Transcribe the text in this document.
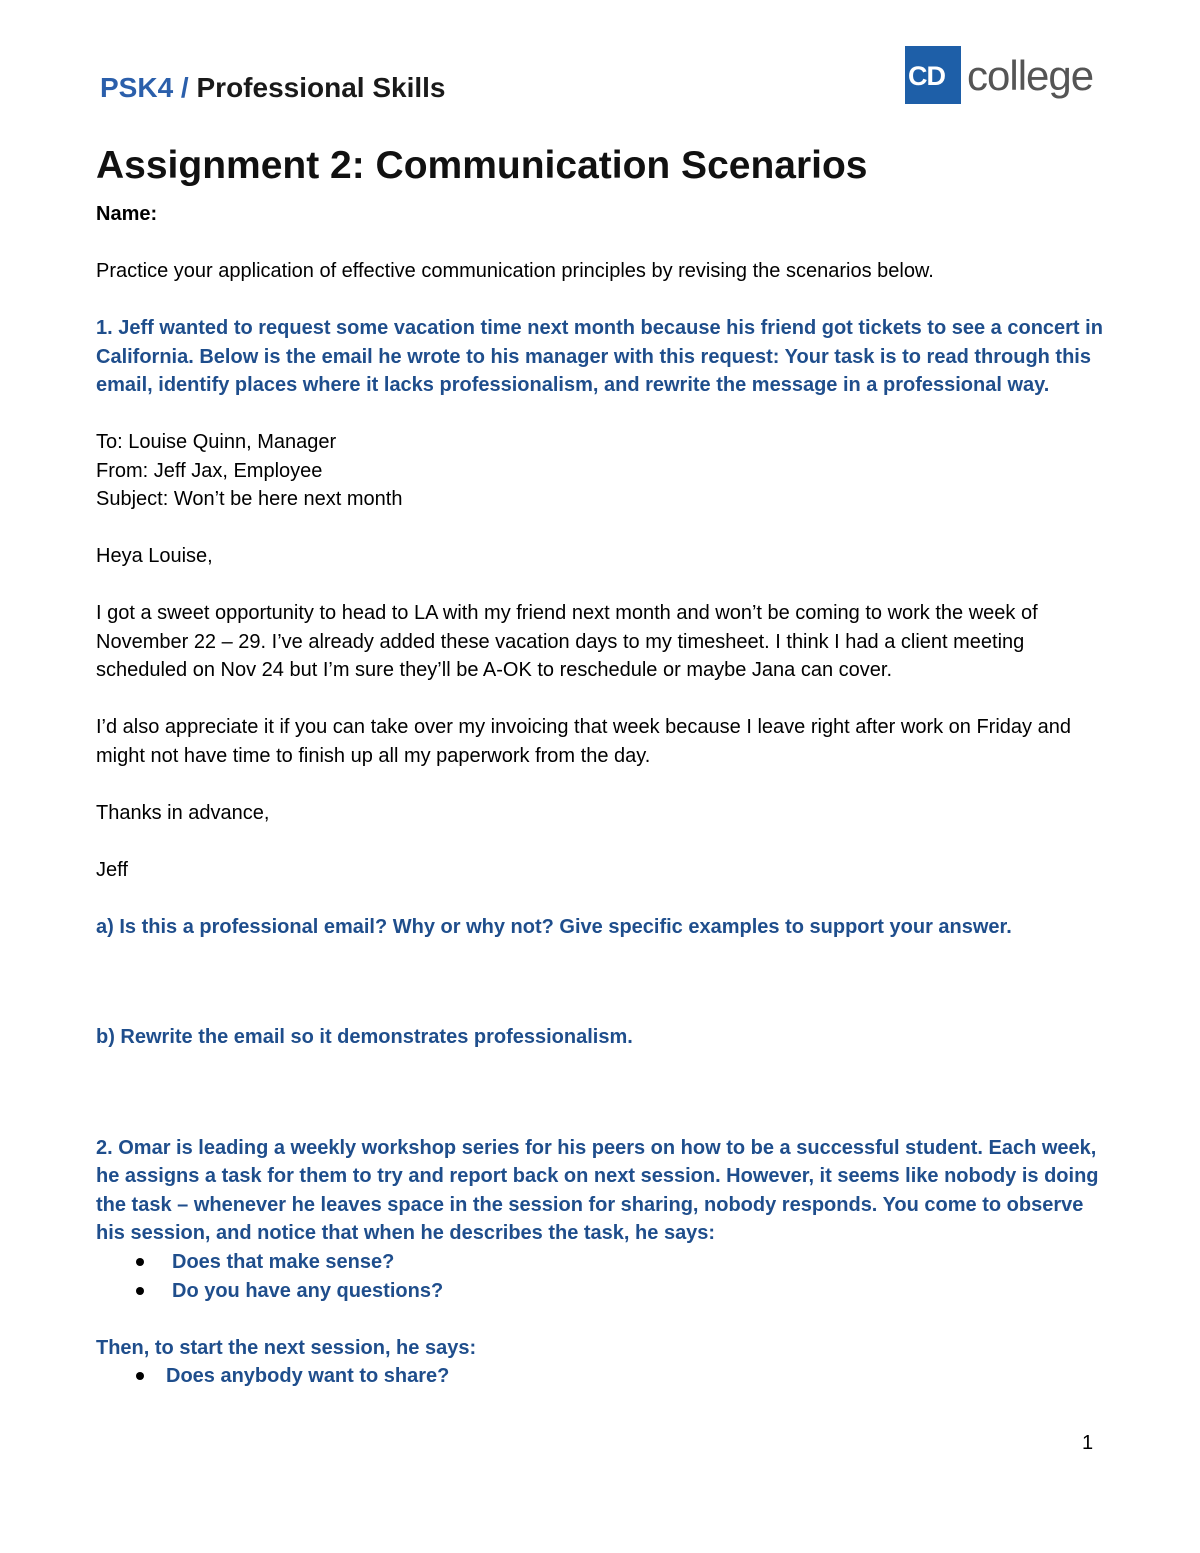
PSK4 / Professional Skills	CD college
Assignment 2: Communication Scenarios

Name:

Practice your application of effective communication principles by revising the scenarios below.

1. Jeff wanted to request some vacation time next month because his friend got tickets to see a concert in California. Below is the email he wrote to his manager with this request: Your task is to read through this email, identify places where it lacks professionalism, and rewrite the message in a professional way.

To: Louise Quinn, Manager

From: Jeff Jax, Employee

Subject: Won’t be here next month

Heya Louise,

I got a sweet opportunity to head to LA with my friend next month and won’t be coming to work the week of November 22 – 29. I’ve already added these vacation days to my timesheet. I think I had a client meeting scheduled on Nov 24 but I’m sure they’ll be A-OK to reschedule or maybe Jana can cover.

I’d also appreciate it if you can take over my invoicing that week because I leave right after work on Friday and might not have time to finish up all my paperwork from the day.

Thanks in advance,

Jeff

a) Is this a professional email? Why or why not? Give specific examples to support your answer.

b) Rewrite the email so it demonstrates professionalism.

2. Omar is leading a weekly workshop series for his peers on how to be a successful student. Each week, he assigns a task for them to try and report back on next session. However, it seems like nobody is doing the task – whenever he leaves space in the session for sharing, nobody responds. You come to observe his session, and notice that when he describes the task, he says:

Does that make sense?
Do you have any questions?

Then, to start the next session, he says:

Does anybody want to share?
1
